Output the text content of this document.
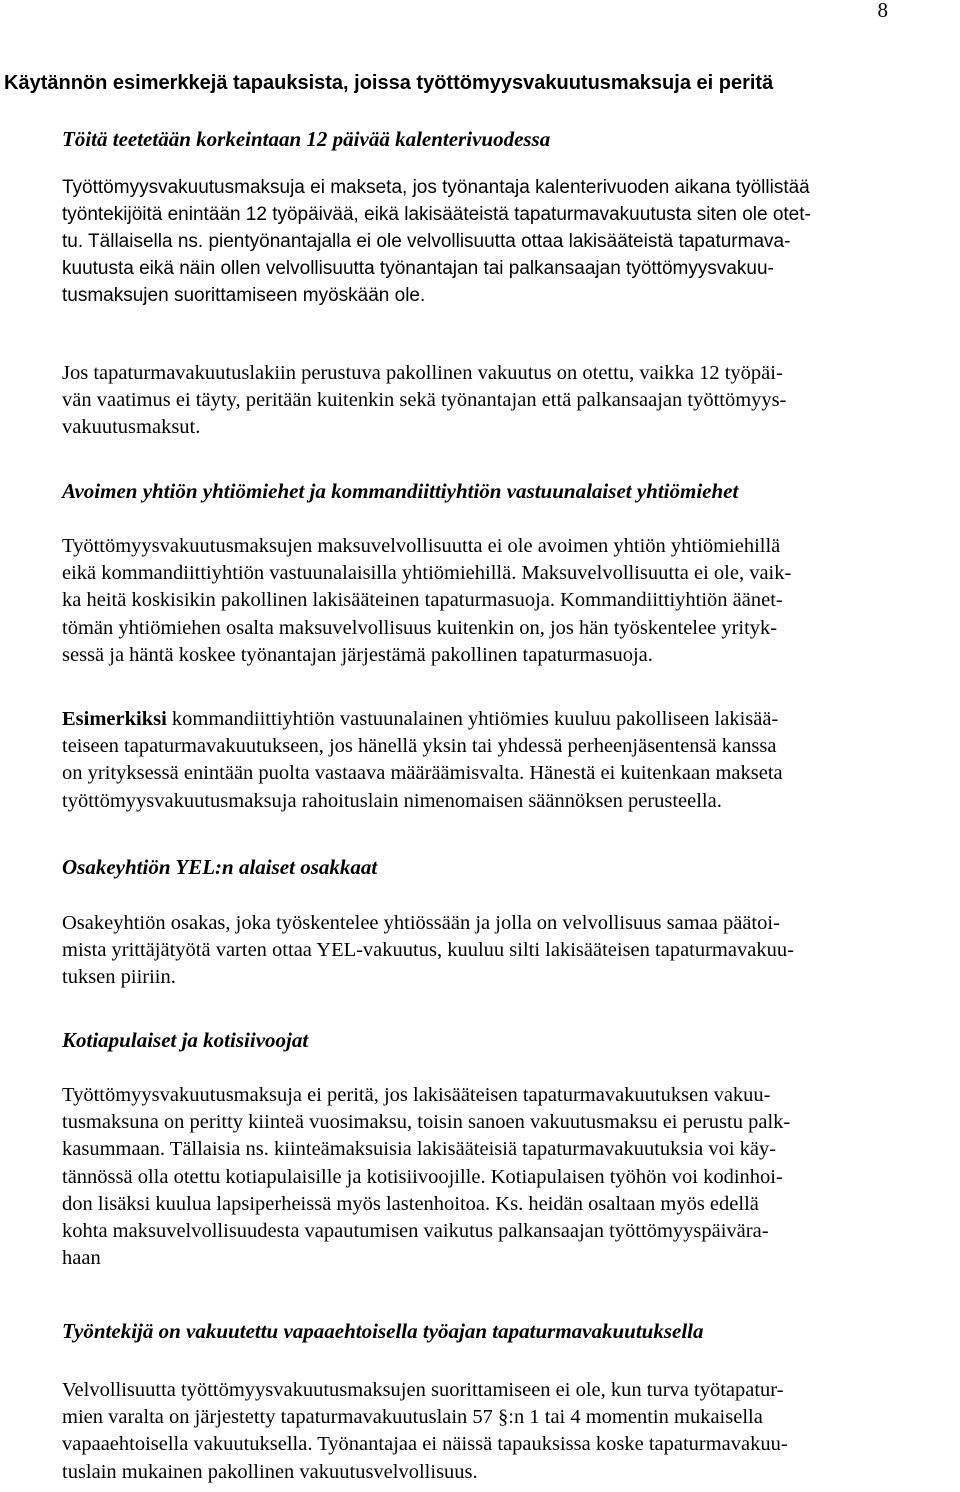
8
Käytännön esimerkkejä tapauksista, joissa työttömyysvakuutusmaksuja ei peritä
Töitä teetetään korkeintaan 12 päivää kalenterivuodessa

Työttömyysvakuutusmaksuja ei makseta, jos työnantaja kalenterivuoden aikana työllistää
työntekijöitä enintään 12 työpäivää, eikä lakisääteistä tapaturmavakuutusta siten ole otet-
tu. Tällaisella ns. pientyönantajalla ei ole velvollisuutta ottaa lakisääteistä tapaturmava-
kuutusta eikä näin ollen velvollisuutta työnantajan tai palkansaajan työttömyysvakuu-
tusmaksujen suorittamiseen myöskään ole.

Jos tapaturmavakuutuslakiin perustuva pakollinen vakuutus on otettu, vaikka 12 työpäi-
vän vaatimus ei täyty, peritään kuitenkin sekä työnantajan että palkansaajan työttömyys-
vakuutusmaksut.

Avoimen yhtiön yhtiömiehet ja kommandiittiyhtiön vastuunalaiset yhtiömiehet

Työttömyysvakuutusmaksujen maksuvelvollisuutta ei ole avoimen yhtiön yhtiömiehillä
eikä kommandiittiyhtiön vastuunalaisilla yhtiömiehillä. Maksuvelvollisuutta ei ole, vaik-
ka heitä koskisikin pakollinen lakisääteinen tapaturmasuoja. Kommandiittiyhtiön äänet-
tömän yhtiömiehen osalta maksuvelvollisuus kuitenkin on, jos hän työskentelee yrityk-
sessä ja häntä koskee työnantajan järjestämä pakollinen tapaturmasuoja.

Esimerkiksi kommandiittiyhtiön vastuunalainen yhtiömies kuuluu pakolliseen lakisää-
teiseen tapaturmavakuutukseen, jos hänellä yksin tai yhdessä perheenjäsentensä kanssa
on yrityksessä enintään puolta vastaava määräämisvalta. Hänestä ei kuitenkaan makseta
työttömyysvakuutusmaksuja rahoituslain nimenomaisen säännöksen perusteella.

Osakeyhtiön YEL:n alaiset osakkaat

Osakeyhtiön osakas, joka työskentelee yhtiössään ja jolla on velvollisuus samaa päätoi-
mista yrittäjätyötä varten ottaa YEL-vakuutus, kuuluu silti lakisääteisen tapaturmavakuu-
tuksen piiriin.

Kotiapulaiset ja kotisiivoojat

Työttömyysvakuutusmaksuja ei peritä, jos lakisääteisen tapaturmavakuutuksen vakuu-
tusmaksuna on peritty kiinteä vuosimaksu, toisin sanoen vakuutusmaksu ei perustu palk-
kasummaan. Tällaisia ns. kiinteämaksuisia lakisääteisiä tapaturmavakuutuksia voi käy-
tännössä olla otettu kotiapulaisille ja kotisiivoojille. Kotiapulaisen työhön voi kodinhoi-
don lisäksi kuulua lapsiperheissä myös lastenhoitoa. Ks. heidän osaltaan myös edellä
kohta maksuvelvollisuudesta vapautumisen vaikutus palkansaajan työttömyyspäivära-
haan

Työntekijä on vakuutettu vapaaehtoisella työajan tapaturmavakuutuksella

Velvollisuutta työttömyysvakuutusmaksujen suorittamiseen ei ole, kun turva työtapatur-
mien varalta on järjestetty tapaturmavakuutuslain 57 §:n 1 tai 4 momentin mukaisella
vapaaehtoisella vakuutuksella. Työnantajaa ei näissä tapauksissa koske tapaturmavakuu-
tuslain mukainen pakollinen vakuutusvelvollisuus.
